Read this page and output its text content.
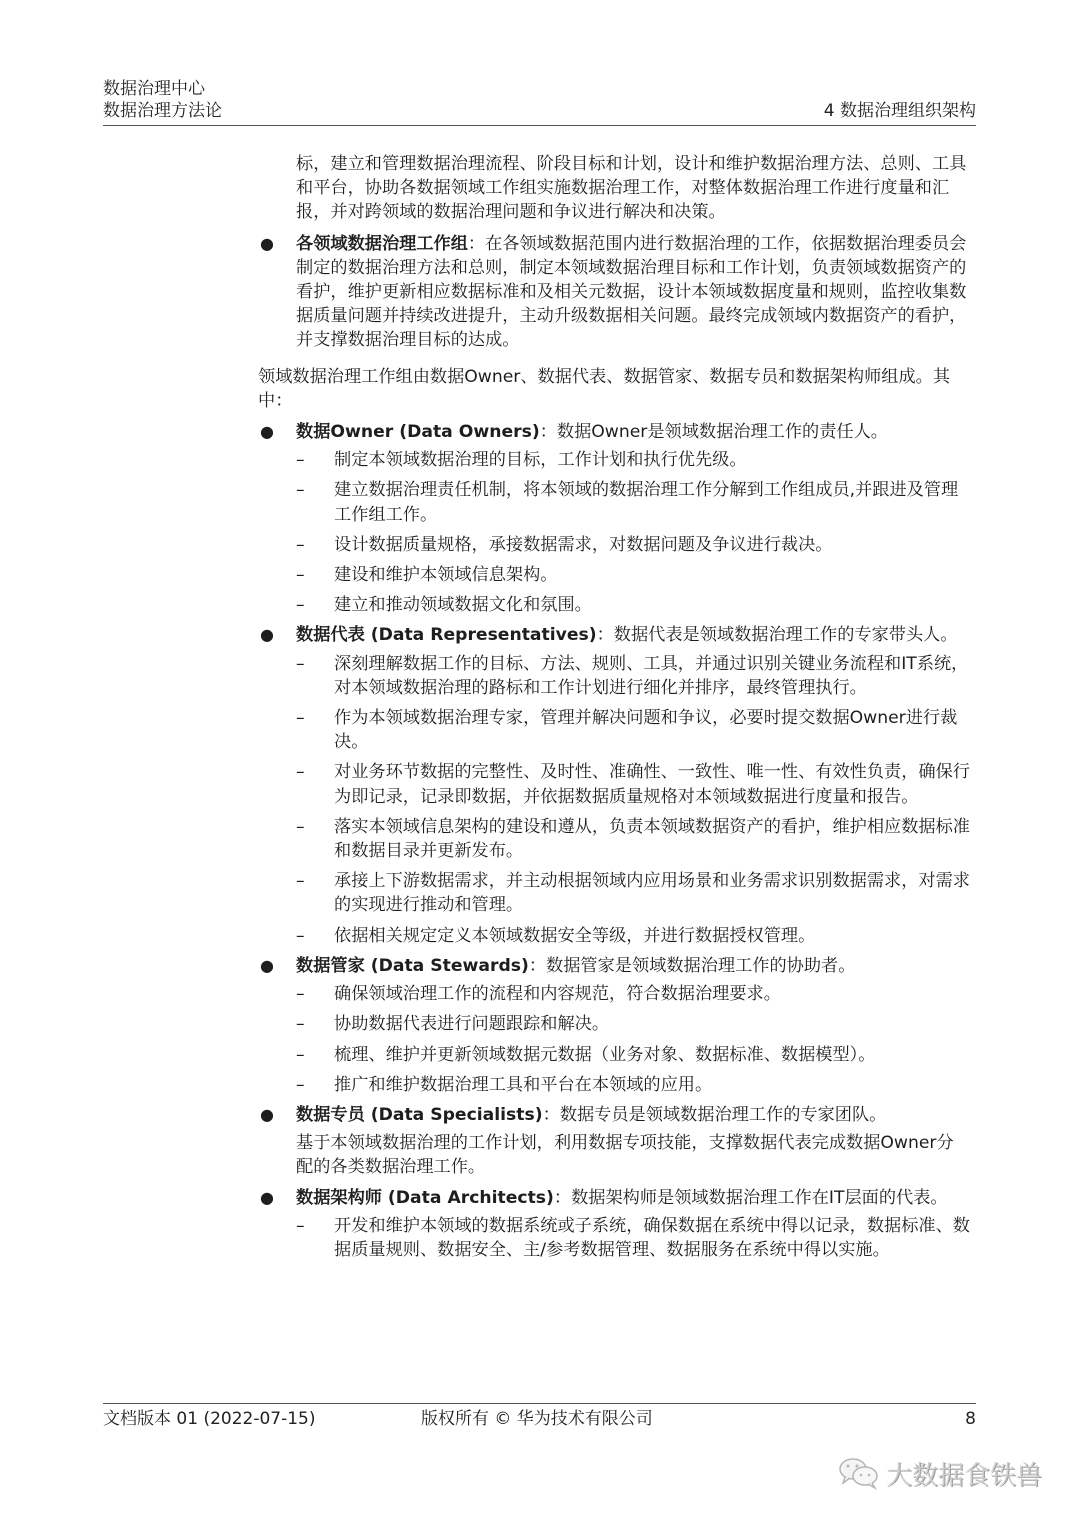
数据治理中心
数据治理方法论	4 数据治理组织架构

标，建立和管理数据治理流程、阶段目标和计划，设计和维护数据治理方法、总则、工具和平台，协助各数据领域工作组实施数据治理工作，对整体数据治理工作进行度量和汇报，并对跨领域的数据治理问题和争议进行解决和决策。

● 各领域数据治理工作组：在各领域数据范围内进行数据治理的工作，依据数据治理委员会制定的数据治理方法和总则，制定本领域数据治理目标和工作计划，负责领域数据资产的看护，维护更新相应数据标准和及相关元数据，设计本领域数据度量和规则，监控收集数据质量问题并持续改进提升，主动升级数据相关问题。最终完成领域内数据资产的看护，并支撑数据治理目标的达成。

领域数据治理工作组由数据Owner、数据代表、数据管家、数据专员和数据架构师组成。其中：

● 数据Owner (Data Owners)：数据Owner是领域数据治理工作的责任人。
– 制定本领域数据治理的目标，工作计划和执行优先级。
– 建立数据治理责任机制，将本领域的数据治理工作分解到工作组成员,并跟进及管理工作组工作。
– 设计数据质量规格，承接数据需求，对数据问题及争议进行裁决。
– 建设和维护本领域信息架构。
– 建立和推动领域数据文化和氛围。
● 数据代表 (Data Representatives)：数据代表是领域数据治理工作的专家带头人。
– 深刻理解数据工作的目标、方法、规则、工具，并通过识别关键业务流程和IT系统，对本领域数据治理的路标和工作计划进行细化并排序，最终管理执行。
– 作为本领域数据治理专家，管理并解决问题和争议，必要时提交数据Owner进行裁决。
– 对业务环节数据的完整性、及时性、准确性、一致性、唯一性、有效性负责，确保行为即记录，记录即数据，并依据数据质量规格对本领域数据进行度量和报告。
– 落实本领域信息架构的建设和遵从，负责本领域数据资产的看护，维护相应数据标准和数据目录并更新发布。
– 承接上下游数据需求，并主动根据领域内应用场景和业务需求识别数据需求，对需求的实现进行推动和管理。
– 依据相关规定定义本领域数据安全等级，并进行数据授权管理。
● 数据管家 (Data Stewards)：数据管家是领域数据治理工作的协助者。
– 确保领域治理工作的流程和内容规范，符合数据治理要求。
– 协助数据代表进行问题跟踪和解决。
– 梳理、维护并更新领域数据元数据（业务对象、数据标准、数据模型）。
– 推广和维护数据治理工具和平台在本领域的应用。
● 数据专员 (Data Specialists)：数据专员是领域数据治理工作的专家团队。
基于本领域数据治理的工作计划，利用数据专项技能，支撑数据代表完成数据Owner分配的各类数据治理工作。
● 数据架构师 (Data Architects)：数据架构师是领域数据治理工作在IT层面的代表。
– 开发和维护本领域的数据系统或子系统，确保数据在系统中得以记录，数据标准、数据质量规则、数据安全、主/参考数据管理、数据服务在系统中得以实施。
文档版本 01 (2022-07-15)	版权所有 © 华为技术有限公司	8
大数据食铁兽
